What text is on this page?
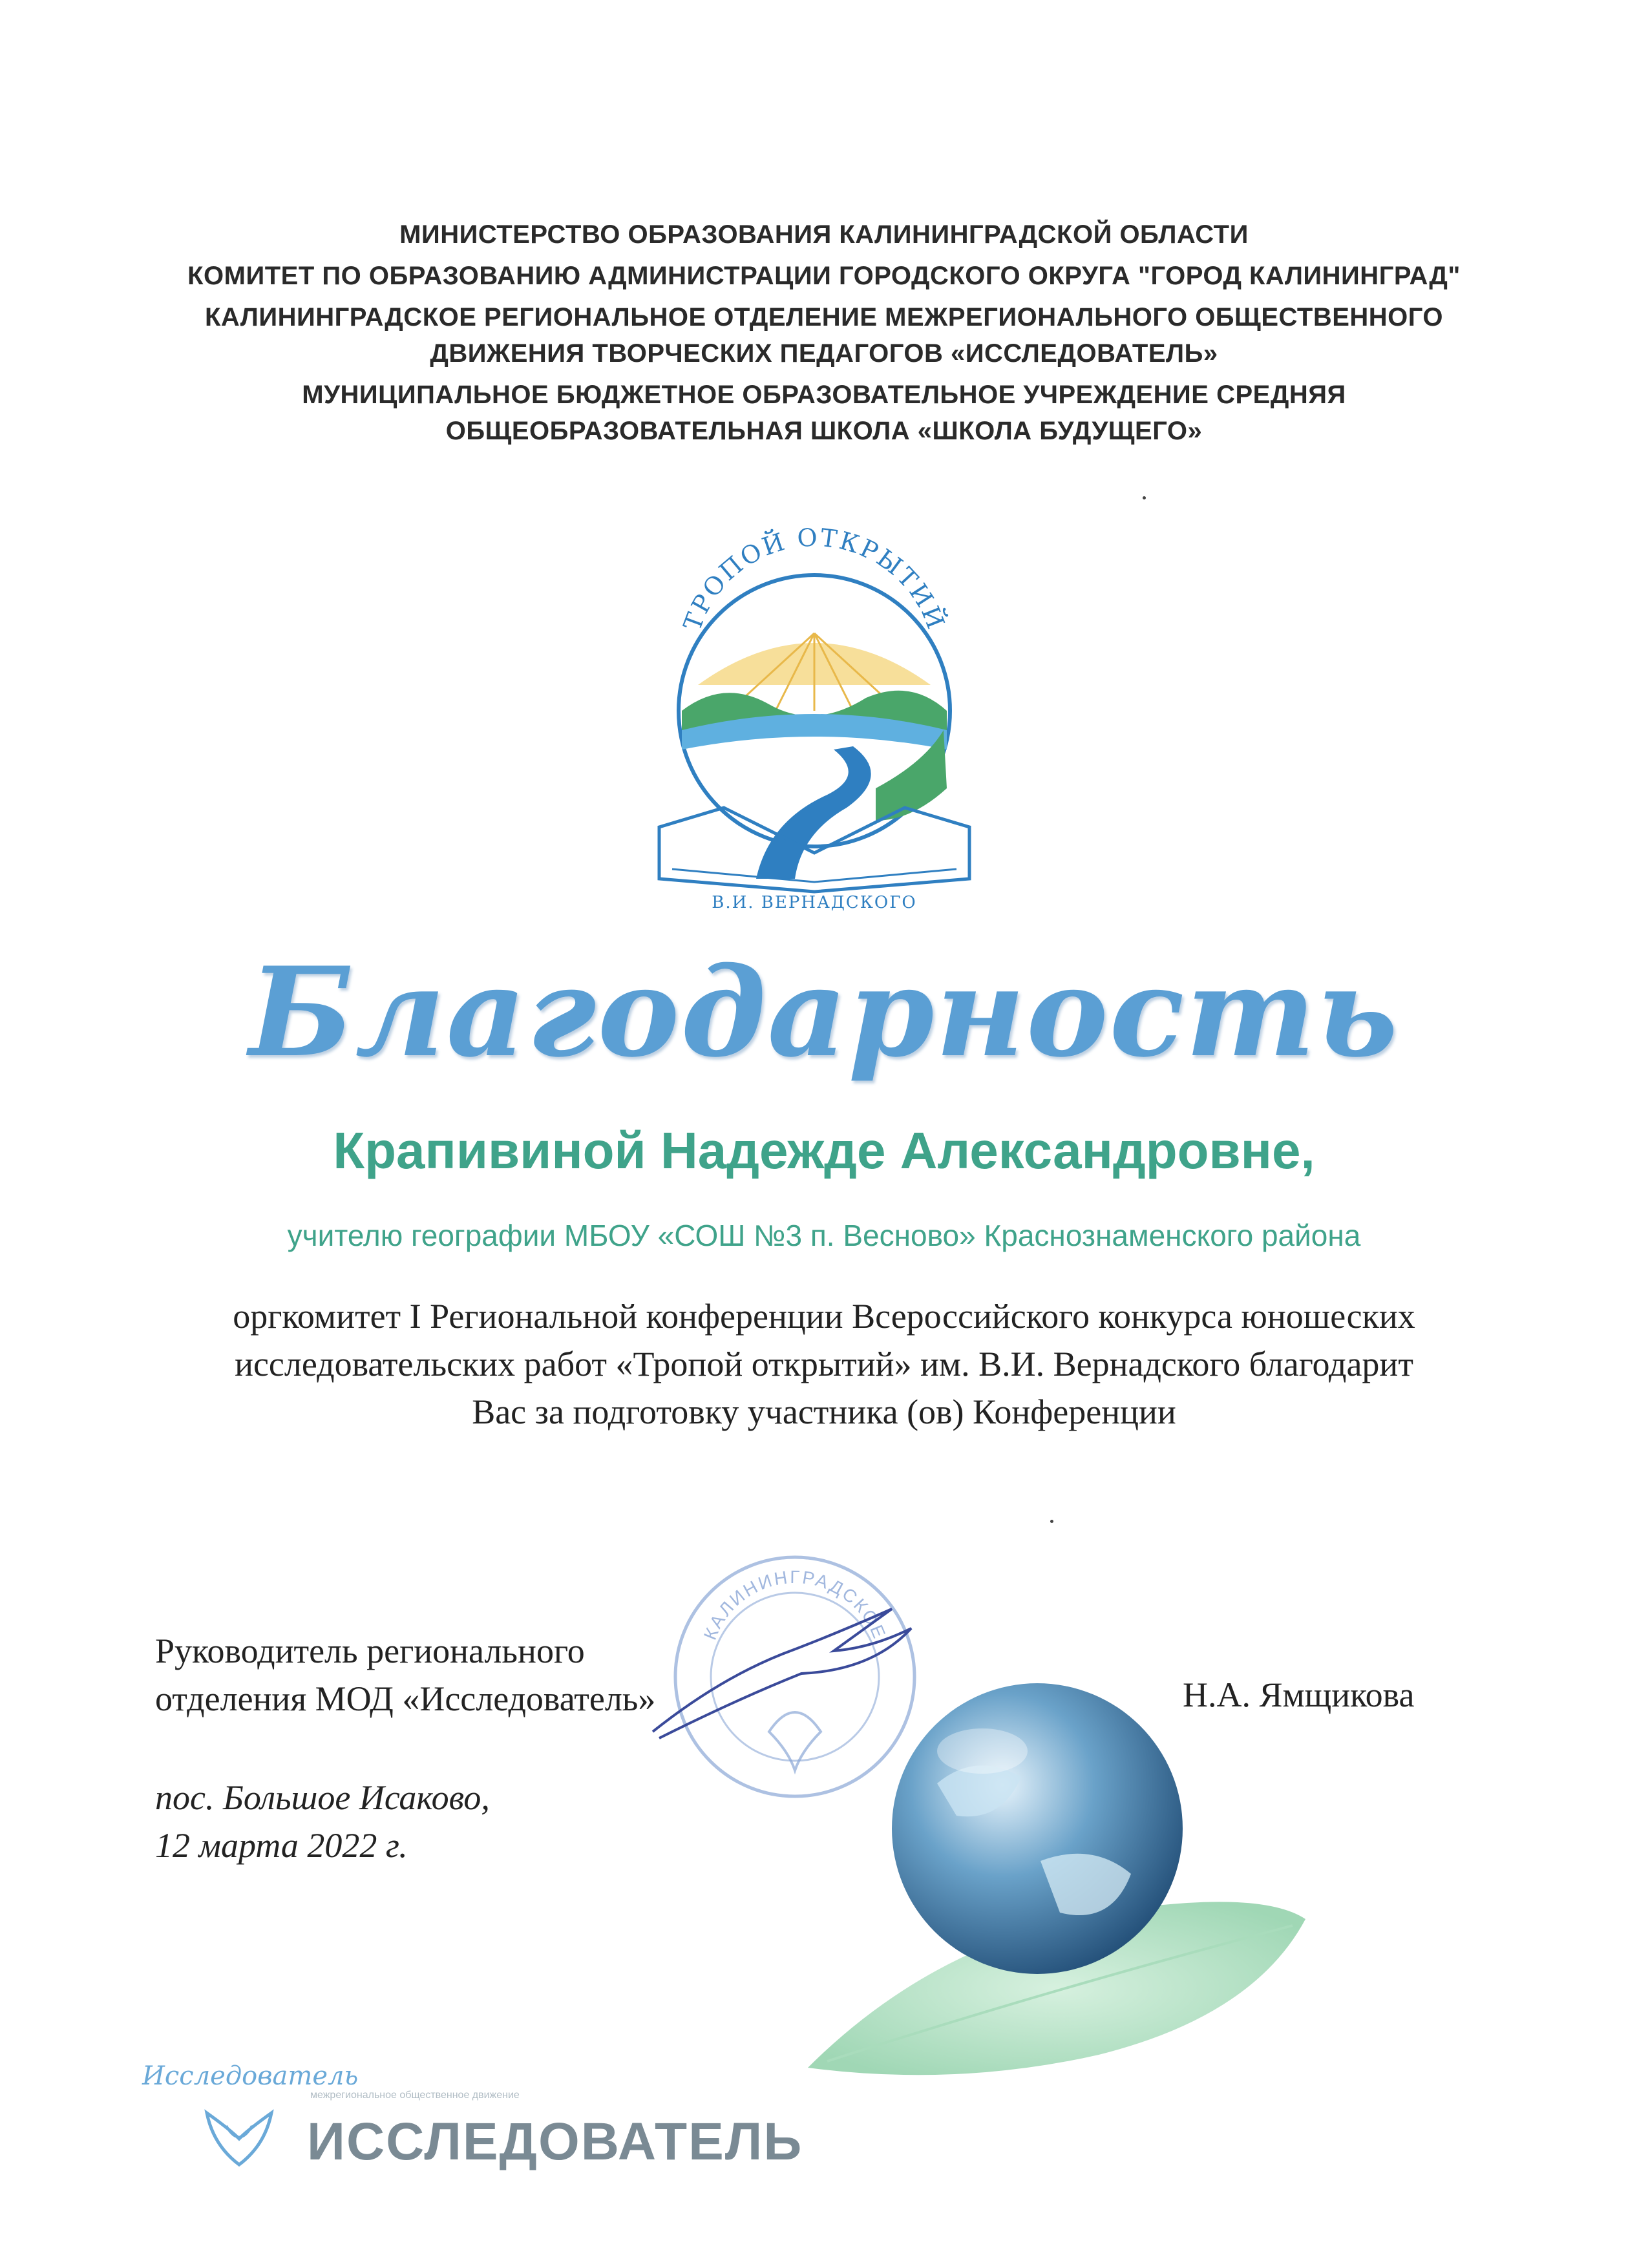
МИНИСТЕРСТВО ОБРАЗОВАНИЯ КАЛИНИНГРАДСКОЙ ОБЛАСТИ
КОМИТЕТ ПО ОБРАЗОВАНИЮ АДМИНИСТРАЦИИ ГОРОДСКОГО ОКРУГА "ГОРОД КАЛИНИНГРАД"
КАЛИНИНГРАДСКОЕ РЕГИОНАЛЬНОЕ ОТДЕЛЕНИЕ МЕЖРЕГИОНАЛЬНОГО ОБЩЕСТВЕННОГО
ДВИЖЕНИЯ ТВОРЧЕСКИХ ПЕДАГОГОВ «ИССЛЕДОВАТЕЛЬ»
МУНИЦИПАЛЬНОЕ БЮДЖЕТНОЕ ОБРАЗОВАТЕЛЬНОЕ УЧРЕЖДЕНИЕ СРЕДНЯЯ
ОБЩЕОБРАЗОВАТЕЛЬНАЯ ШКОЛА «ШКОЛА БУДУЩЕГО»
ТРОПОЙ ОТКРЫТИЙ
В.И. ВЕРНАДСКОГО
Благодарность
Крапивиной Надежде Александровне,
учителю географии МБОУ «СОШ №3 п. Весново» Краснознаменского района
оргкомитет I Региональной конференции Всероссийского конкурса юношеских
исследовательских работ «Тропой открытий» им. В.И. Вернадского благодарит
Вас за подготовку участника (ов) Конференции
КАЛИНИНГРАДСКОЕ
Руководитель регионального
отделения МОД «Исследователь»	Н.А. Ямщикова
пос. Большое Исаково,
12 марта 2022 г.
Исследователь
межрегиональное общественное движение
ИССЛЕДОВАТЕЛЬ
